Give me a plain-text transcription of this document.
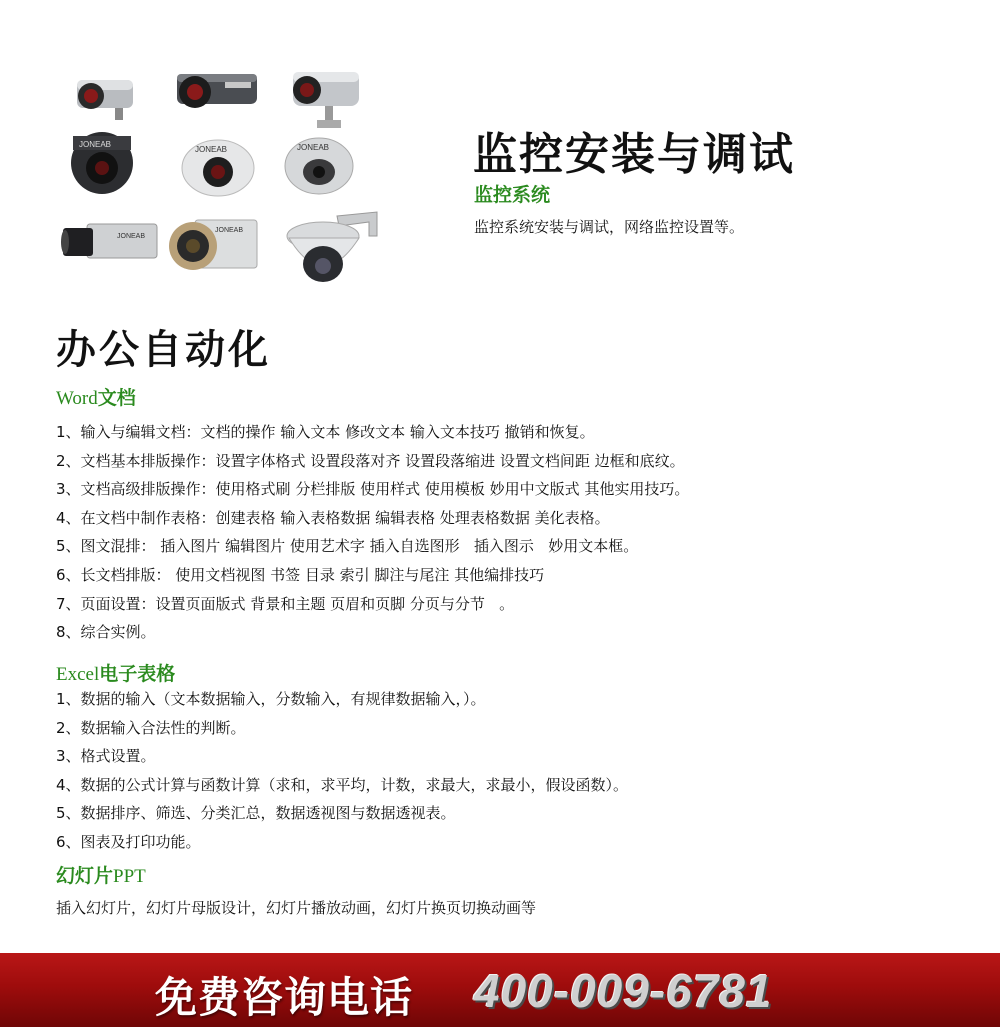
JONEAB
JONEAB	JONEAB
JONEAB
JONEAB
监控安装与调试
监控系统
监控系统安装与调试，网络监控设置等。
办公自动化
Word文档
1、输入与编辑文档：文档的操作 输入文本 修改文本 输入文本技巧 撤销和恢复。
2、文档基本排版操作：设置字体格式 设置段落对齐 设置段落缩进 设置文档间距 边框和底纹。
3、文档高级排版操作：使用格式刷 分栏排版 使用样式 使用模板 妙用中文版式 其他实用技巧。
4、在文档中制作表格：创建表格 输入表格数据 编辑表格 处理表格数据 美化表格。
5、图文混排： 插入图片 编辑图片 使用艺术字 插入自选图形   插入图示   妙用文本框。
6、长文档排版： 使用文档视图 书签 目录 索引 脚注与尾注 其他编排技巧
7、页面设置：设置页面版式 背景和主题 页眉和页脚 分页与分节   。
8、综合实例。
Excel电子表格
1、数据的输入（文本数据输入，分数输入，有规律数据输入，）。
2、数据输入合法性的判断。
3、格式设置。
4、数据的公式计算与函数计算（求和，求平均，计数，求最大，求最小，假设函数）。
5、数据排序、筛选、分类汇总，数据透视图与数据透视表。
6、图表及打印功能。
幻灯片PPT
插入幻灯片，幻灯片母版设计，幻灯片播放动画，幻灯片换页切换动画等
免费咨询电话 400-009-6781
